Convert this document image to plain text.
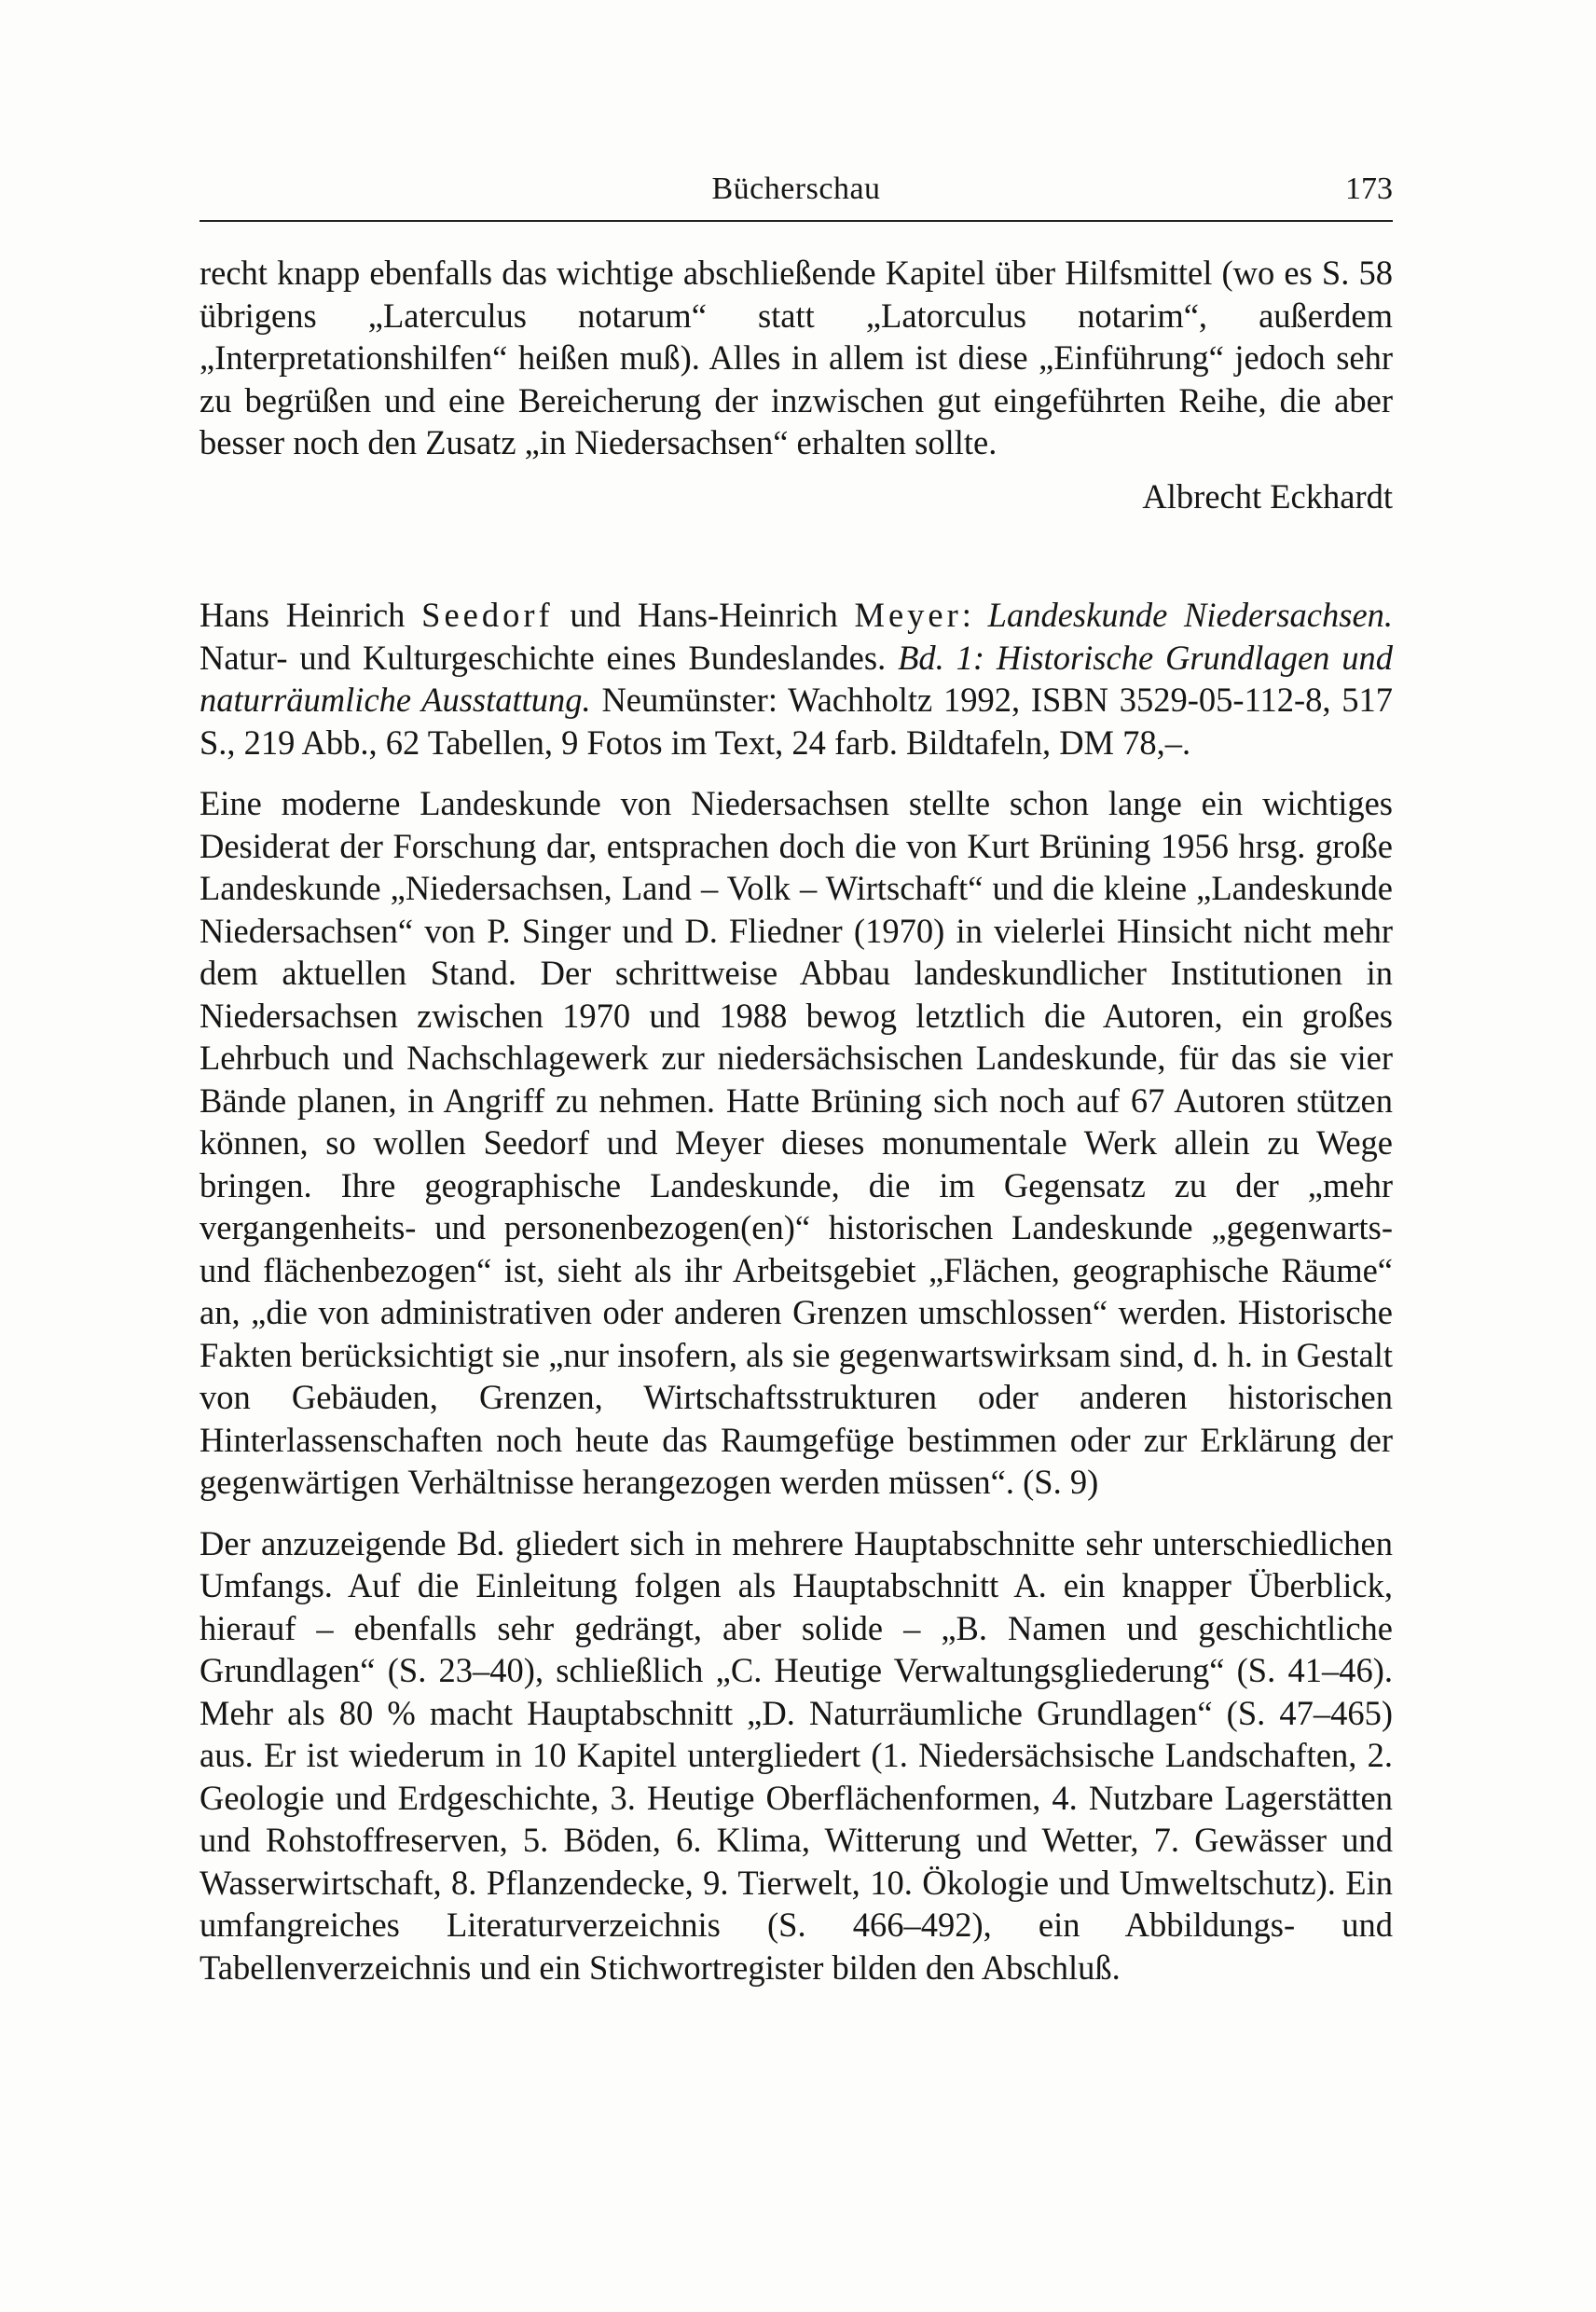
Bücherschau	173

recht knapp ebenfalls das wichtige abschließende Kapitel über Hilfsmittel (wo es S. 58 übrigens „Laterculus notarum“ statt „Latorculus notarim“, außerdem „Interpretationshilfen“ heißen muß). Alles in allem ist diese „Einführung“ jedoch sehr zu begrüßen und eine Bereicherung der inzwischen gut eingeführten Reihe, die aber besser noch den Zusatz „in Niedersachsen“ erhalten sollte.

Albrecht Eckhardt

Hans Heinrich Seedorf und Hans-Heinrich Meyer: Landeskunde Niedersachsen. Natur- und Kulturgeschichte eines Bundeslandes. Bd. 1: Historische Grundlagen und naturräumliche Ausstattung. Neumünster: Wachholtz 1992, ISBN 3529-05-112-8, 517 S., 219 Abb., 62 Tabellen, 9 Fotos im Text, 24 farb. Bildtafeln, DM 78,–.

Eine moderne Landeskunde von Niedersachsen stellte schon lange ein wichtiges Desiderat der Forschung dar, entsprachen doch die von Kurt Brüning 1956 hrsg. große Landeskunde „Niedersachsen, Land – Volk – Wirtschaft“ und die kleine „Landeskunde Niedersachsen“ von P. Singer und D. Fliedner (1970) in vielerlei Hinsicht nicht mehr dem aktuellen Stand. Der schrittweise Abbau landeskundlicher Institutionen in Niedersachsen zwischen 1970 und 1988 bewog letztlich die Autoren, ein großes Lehrbuch und Nachschlagewerk zur niedersächsischen Landeskunde, für das sie vier Bände planen, in Angriff zu nehmen. Hatte Brüning sich noch auf 67 Autoren stützen können, so wollen Seedorf und Meyer dieses monumentale Werk allein zu Wege bringen. Ihre geographische Landeskunde, die im Gegensatz zu der „mehr vergangenheits- und personenbezogen(en)“ historischen Landeskunde „gegenwarts- und flächenbezogen“ ist, sieht als ihr Arbeitsgebiet „Flächen, geographische Räume“ an, „die von administrativen oder anderen Grenzen umschlossen“ werden. Historische Fakten berücksichtigt sie „nur insofern, als sie gegenwartswirksam sind, d. h. in Gestalt von Gebäuden, Grenzen, Wirtschaftsstrukturen oder anderen historischen Hinterlassenschaften noch heute das Raumgefüge bestimmen oder zur Erklärung der gegenwärtigen Verhältnisse herangezogen werden müssen“. (S. 9)

Der anzuzeigende Bd. gliedert sich in mehrere Hauptabschnitte sehr unterschiedlichen Umfangs. Auf die Einleitung folgen als Hauptabschnitt A. ein knapper Überblick, hierauf – ebenfalls sehr gedrängt, aber solide – „B. Namen und geschichtliche Grundlagen“ (S. 23–40), schließlich „C. Heutige Verwaltungsgliederung“ (S. 41–46). Mehr als 80 % macht Hauptabschnitt „D. Naturräumliche Grundlagen“ (S. 47–465) aus. Er ist wiederum in 10 Kapitel untergliedert (1. Niedersächsische Landschaften, 2. Geologie und Erdgeschichte, 3. Heutige Oberflächenformen, 4. Nutzbare Lagerstätten und Rohstoffreserven, 5. Böden, 6. Klima, Witterung und Wetter, 7. Gewässer und Wasserwirtschaft, 8. Pflanzendecke, 9. Tierwelt, 10. Ökologie und Umweltschutz). Ein umfangreiches Literaturverzeichnis (S. 466–492), ein Abbildungs- und Tabellenverzeichnis und ein Stichwortregister bilden den Abschluß.
